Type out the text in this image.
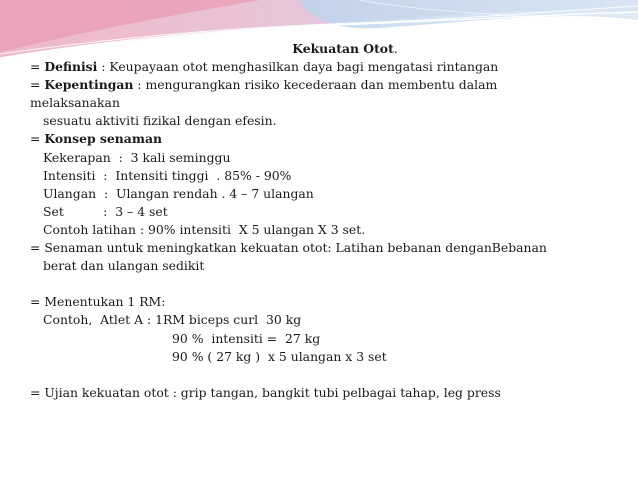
Kekuatan Otot.
= Definisi : Keupayaan otot menghasilkan daya bagi mengatasi rintangan
= Kepentingan : mengurangkan risiko kecederaan dan membentu dalam
melaksanakan
sesuatu aktiviti fizikal dengan efesin.
= Konsep senaman
Kekerapan  :  3 kali seminggu
Intensiti  :  Intensiti tinggi  . 85% - 90%
Ulangan  :  Ulangan rendah . 4 – 7 ulangan
Set          :  3 – 4 set
Contoh latihan : 90% intensiti  X 5 ulangan X 3 set.
= Senaman untuk meningkatkan kekuatan otot: Latihan bebanan denganBebanan
berat dan ulangan sedikit
= Menentukan 1 RM:
Contoh,  Atlet A : 1RM biceps curl  30 kg
90 %  intensiti =  27 kg
90 % ( 27 kg )  x 5 ulangan x 3 set
= Ujian kekuatan otot : grip tangan, bangkit tubi pelbagai tahap, leg press
